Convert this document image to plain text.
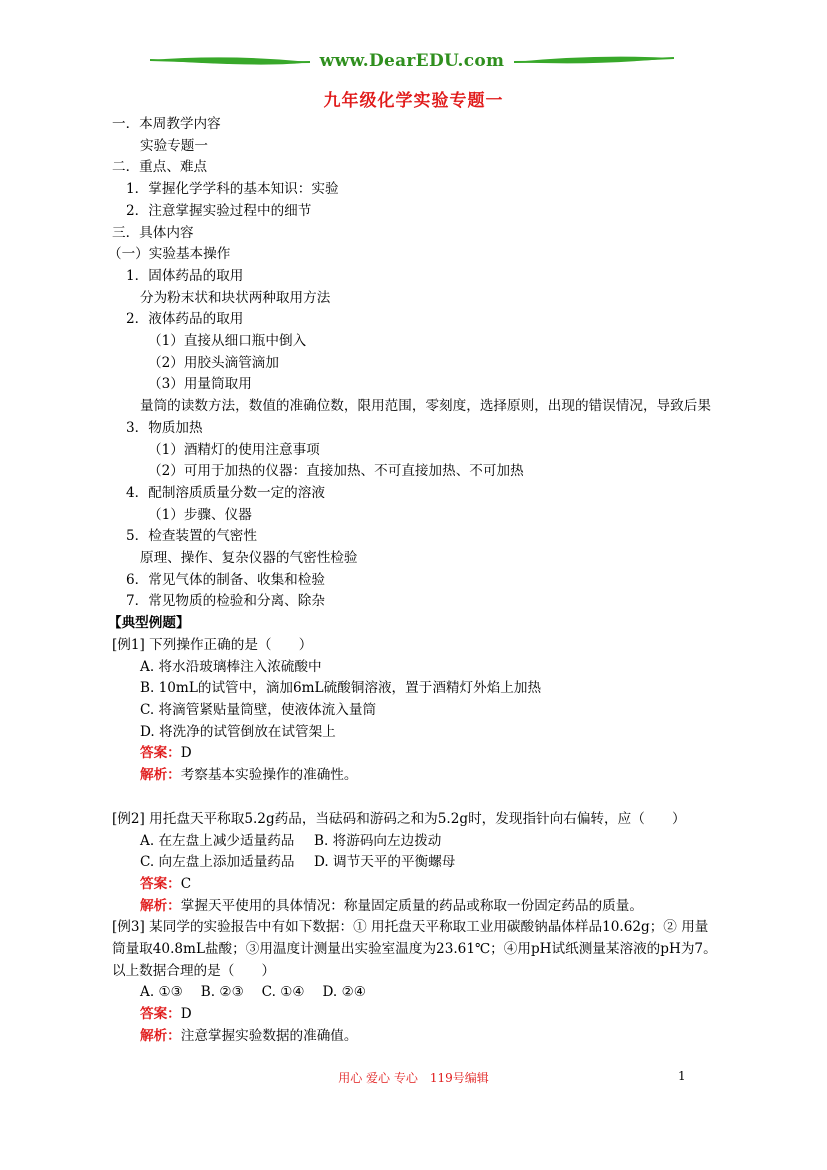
www.DearEDU.com
九年级化学实验专题一
一．本周教学内容
实验专题一
二．重点、难点
1．掌握化学学科的基本知识：实验
2．注意掌握实验过程中的细节
三．具体内容
（一）实验基本操作
1．固体药品的取用
分为粉末状和块状两种取用方法
2．液体药品的取用
（1）直接从细口瓶中倒入
（2）用胶头滴管滴加
（3）用量筒取用
量筒的读数方法，数值的准确位数，限用范围，零刻度，选择原则，出现的错误情况，导致后果
3．物质加热
（1）酒精灯的使用注意事项
（2）可用于加热的仪器：直接加热、不可直接加热、不可加热
4．配制溶质质量分数一定的溶液
（1）步骤、仪器
5．检查装置的气密性
原理、操作、复杂仪器的气密性检验
6．常见气体的制备、收集和检验
7．常见物质的检验和分离、除杂
【典型例题】
[例1] 下列操作正确的是（　　）
A. 将水沿玻璃棒注入浓硫酸中
B. 10mL的试管中，滴加6mL硫酸铜溶液，置于酒精灯外焰上加热
C. 将滴管紧贴量筒壁，使液体流入量筒
D. 将洗净的试管倒放在试管架上
答案：D
解析：考察基本实验操作的准确性。
[例2] 用托盘天平称取5.2g药品，当砝码和游码之和为5.2g时，发现指针向右偏转，应（　　）
A. 在左盘上减少适量药品 B. 将游码向左边拨动
C. 向左盘上添加适量药品 D. 调节天平的平衡螺母
答案：C
解析：掌握天平使用的具体情况：称量固定质量的药品或称取一份固定药品的质量。
[例3] 某同学的实验报告中有如下数据：① 用托盘天平称取工业用碳酸钠晶体样品10.62g；② 用量筒量取40.8mL盐酸；③用温度计测量出实验室温度为23.61℃；④用pH试纸测量某溶液的pH为7。以上数据合理的是（　　）
A. ①③　 B. ②③　 C. ①④　 D. ②④
答案：D
解析：注意掌握实验数据的准确值。
用心 爱心 专心　119号编辑	1
